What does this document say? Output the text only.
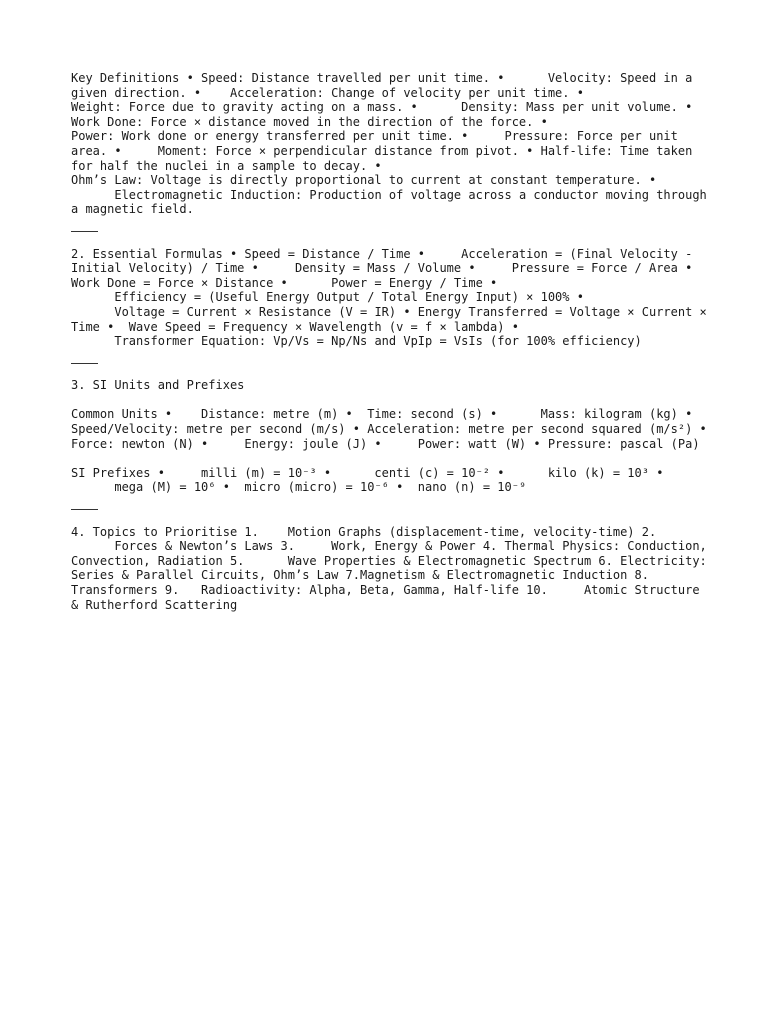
Key Definitions • Speed: Distance travelled per unit time. •      Velocity: Speed in a given direction. •    Acceleration: Change of velocity per unit time. •
Weight: Force due to gravity acting on a mass. •      Density: Mass per unit volume. •   Work Done: Force × distance moved in the direction of the force. •
Power: Work done or energy transferred per unit time. •     Pressure: Force per unit area. •     Moment: Force × perpendicular distance from pivot. • Half-life: Time taken for half the nuclei in a sample to decay. •
Ohm’s Law: Voltage is directly proportional to current at constant temperature. •
Electromagnetic Induction: Production of voltage across a conductor moving through a magnetic field.

2. Essential Formulas • Speed = Distance / Time •     Acceleration = (Final Velocity - Initial Velocity) / Time •     Density = Mass / Volume •     Pressure = Force / Area •     Work Done = Force × Distance •      Power = Energy / Time •
Efficiency = (Useful Energy Output / Total Energy Input) × 100% •
Voltage = Current × Resistance (V = IR) • Energy Transferred = Voltage × Current × Time •  Wave Speed = Frequency × Wavelength (v = f × lambda) •
Transformer Equation: Vp/Vs = Np/Ns and VpIp = VsIs (for 100% efficiency)

3. SI Units and Prefixes

Common Units •    Distance: metre (m) •  Time: second (s) •      Mass: kilogram (kg) •     Speed/Velocity: metre per second (m/s) • Acceleration: metre per second squared (m/s²) • Force: newton (N) •     Energy: joule (J) •     Power: watt (W) • Pressure: pascal (Pa)

SI Prefixes •     milli (m) = 10⁻³ •      centi (c) = 10⁻² •      kilo (k) = 10³ •
mega (M) = 10⁶ •  micro (micro) = 10⁻⁶ •  nano (n) = 10⁻⁹

4. Topics to Prioritise 1.    Motion Graphs (displacement-time, velocity-time) 2.
Forces & Newton’s Laws 3.     Work, Energy & Power 4. Thermal Physics: Conduction, Convection, Radiation 5.      Wave Properties & Electromagnetic Spectrum 6. Electricity: Series & Parallel Circuits, Ohm’s Law 7.Magnetism & Electromagnetic Induction 8.  Transformers 9.   Radioactivity: Alpha, Beta, Gamma, Half-life 10.     Atomic Structure & Rutherford Scattering
